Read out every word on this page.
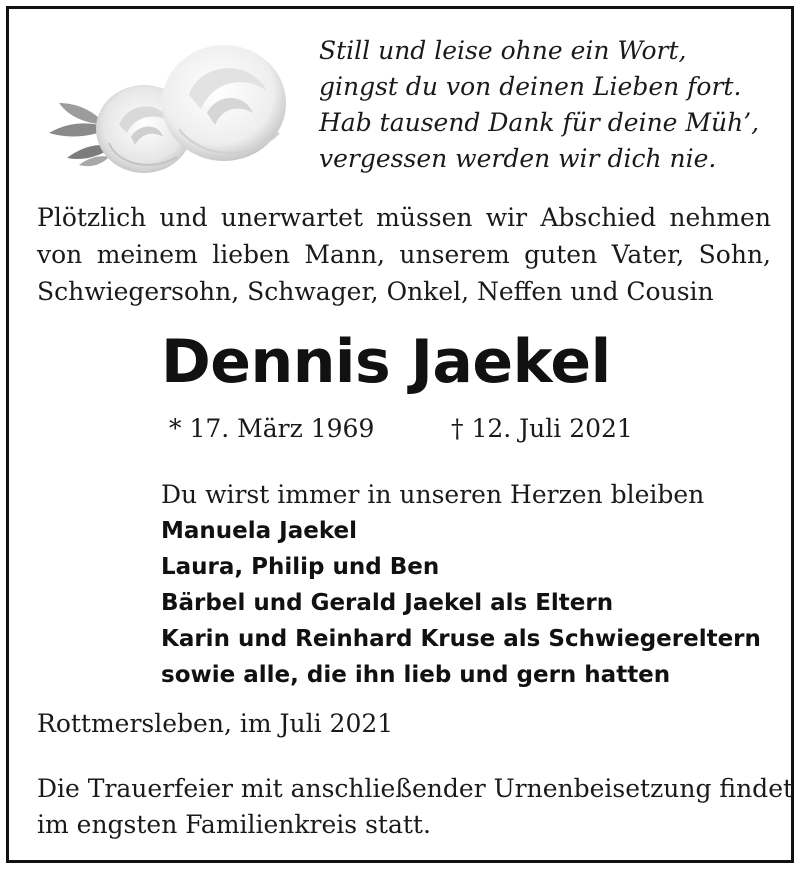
Still und leise ohne ein Wort,
gingst du von deinen Lieben fort.
Hab tausend Dank für deine Müh’,
vergessen werden wir dich nie.
Plötzlich und unerwartet müssen wir Abschied nehmen
von meinem lieben Mann, unserem guten Vater, Sohn,
Schwiegersohn, Schwager, Onkel, Neffen und Cousin
Dennis Jaekel
* 17. März 1969	† 12. Juli 2021
Du wirst immer in unseren Herzen bleiben
Manuela Jaekel
Laura, Philip und Ben
Bärbel und Gerald Jaekel als Eltern
Karin und Reinhard Kruse als Schwiegereltern
sowie alle, die ihn lieb und gern hatten
Rottmersleben, im Juli 2021
Die Trauerfeier mit anschließender Urnenbeisetzung findet
im engsten Familienkreis statt.
